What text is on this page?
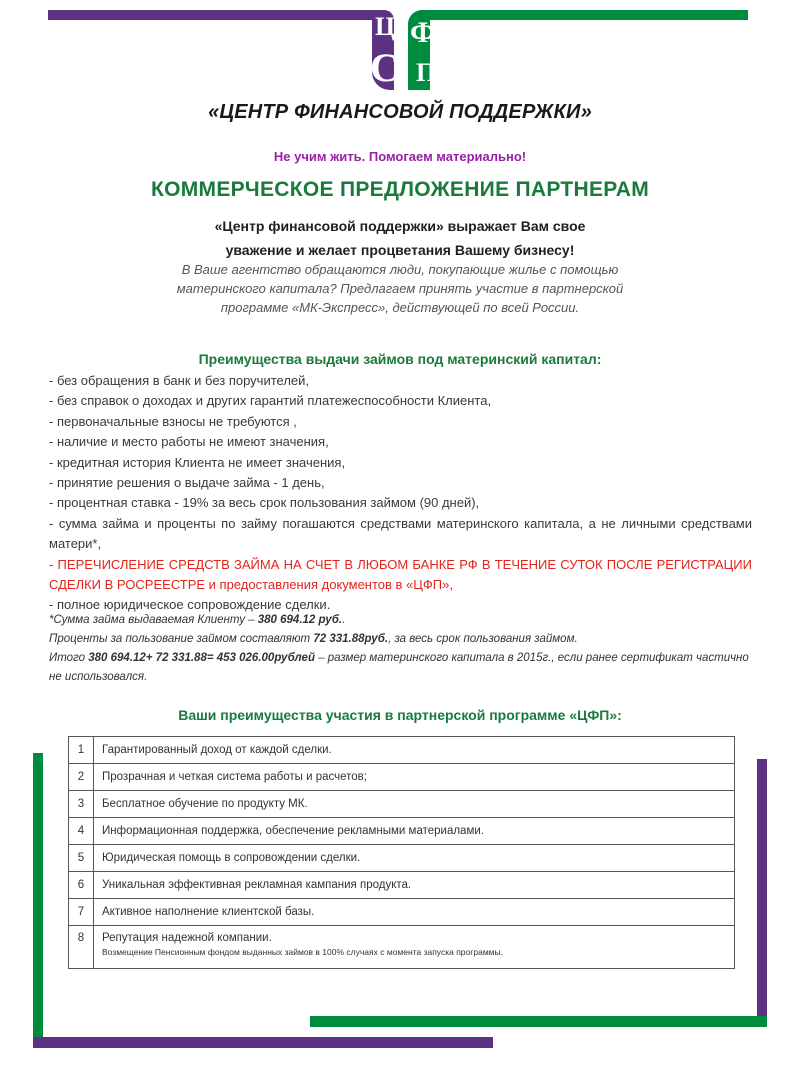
Ц
С
Ф
П
«ЦЕНТР ФИНАНСОВОЙ ПОДДЕРЖКИ»
Не учим жить. Помогаем материально!
КОММЕРЧЕСКОЕ ПРЕДЛОЖЕНИЕ ПАРТНЕРАМ
«Центр финансовой поддержки» выражает Вам свое
уважение и желает процветания Вашему бизнесу!
В Ваше агентство обращаются люди, покупающие жилье с помощью
материнского капитала? Предлагаем принять участие в партнерской
программе «МК-Экспресс», действующей по всей России.
Преимущества выдачи займов под материнский капитал:
- без обращения в банк и без поручителей,
- без справок о доходах и других гарантий платежеспособности Клиента,
- первоначальные взносы не требуются ,
- наличие и место работы не имеют значения,
- кредитная история Клиента не имеет значения,
- принятие решения о выдаче займа - 1 день,
- процентная ставка - 19% за весь срок пользования займом (90 дней),
- сумма займа и проценты по займу погашаются средствами материнского капитала, а не личными средствами матери*,
- ПЕРЕЧИСЛЕНИЕ СРЕДСТВ ЗАЙМА НА СЧЕТ В ЛЮБОМ БАНКЕ РФ В ТЕЧЕНИЕ СУТОК ПОСЛЕ РЕГИСТРАЦИИ СДЕЛКИ В РОСРЕЕСТРЕ и предоставления документов в «ЦФП»,
- полное юридическое сопровождение сделки.
*Сумма займа выдаваемая Клиенту – 380 694.12 руб..
Проценты за пользование займом составляют 72 331.88руб., за весь срок пользования займом.
Итого 380 694.12+ 72 331.88= 453 026.00рублей – размер материнского капитала в 2015г., если ранее сертификат частично не использовался.
Ваши преимущества участия в партнерской программе «ЦФП»:
1	Гарантированный доход от каждой сделки.
2	Прозрачная и четкая система работы и расчетов;
3	Бесплатное обучение по продукту МК.
4	Информационная поддержка, обеспечение рекламными материалами.
5	Юридическая помощь в сопровождении сделки.
6	Уникальная эффективная рекламная кампания продукта.
7	Активное наполнение клиентской базы.
8	Репутация надежной компании.
Возмещение Пенсионным фондом выданных займов в 100% случаях с момента запуска программы.
